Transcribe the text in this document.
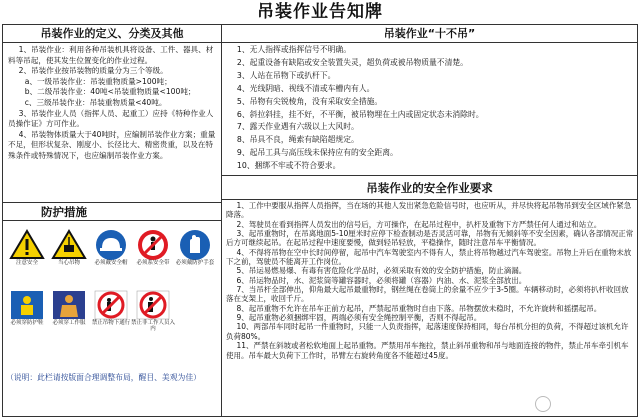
吊装作业告知牌
吊装作业的定义、分类及其他

1、吊装作业：利用各种吊装机具将设备、工件、器具、材料等吊起，使其发生位置变化的作业过程。

2、吊装作业按吊装物的质量分为三个等级。

a、一级吊装作业：吊装重物质量>100吨；

b、二级吊装作业：40吨<吊装重物质量<100吨；

c、三级吊装作业：吊装重物质量<40吨。

3、吊装作业人员（指挥人员、起重工）应持《特种作业人员操作证》方可作业。

4、吊装物体质量大于40吨时，应编制吊装作业方案；重量不足，但形状复杂、刚度小、长径比大、精密贵重，以及在特殊条件或特殊情况下，也应编制吊装作业方案。

防护措施
注意安全	当心吊物	必须戴安全帽	必须系安全带	必须戴防护手套
必须穿防护鞋	必须穿工作服	禁止吊物下通行 禁止非工作人员入内
（说明：此栏请按版面合理调整布局，醒目、美观为佳）
吊装作业“十不吊”

1、无人指挥或指挥信号不明确。

2、起重设备有缺陷或安全装置失灵，超负荷或被吊物质量不清楚。

3、人站在吊物下或扒杆下。

4、光线阴暗、视线不清或车槽内有人。

5、吊物有尖锐棱角，没有采取安全措施。

6、斜拉斜挂，挂不好，不平衡，被吊物埋在土内或固定状态未消除时。

7、露天作业遇有六级以上大风时。

8、吊具不良，绳索有缺陷超规定。

9、起吊工具与高压线未保持应有的安全距离。

10、捆绑不牢或不符合要求。

吊装作业的安全作业要求

1、工作中要服从指挥人员指挥，当在场的其他人发出紧急危险信号时，也应听从，并尽快将起吊物吊到安全区域作紧急降落。

2、驾驶员在看到指挥人员发出的信号后，方可操作，在起吊过程中，扒杆及重物下方严禁任何人通过和站立。

3、起吊重物时，在吊离地面5-10厘米时应停下检查制动是否灵活可靠，吊物有无倾斜等不安全因素，确认各部情况正常后方可继续起吊。在起吊过程中速度要慢，做到轻吊轻放，平稳操作，随时注意吊车平衡情况。

4、不得将吊物在空中长时间停留，起吊中汽车驾驶室内不得有人，禁止将吊物越过汽车驾驶室。吊物上升后在重物未放下之前，驾驶员不能离开工作岗位。

5、吊运易燃易爆、有毒有害危险化学品时，必须采取有效的安全防护措施，防止滴漏。

6、吊运物品时，水、泥浆筒等罐容器时，必须将罐（容器）内油、水、泥浆全部放出。

7、当吊杆全部伸出，仰角最大起吊最重物时，钢丝绳在卷筒上的余量不应少于3-5圈。车辆移动时，必须将扒杆收回放落在支架上，收回千斤。

8、起吊重物不允许在吊车正前方起吊，严禁起吊重物时自由下落。吊物摆放未稳时，不允许旋转和摇摆起吊。

9、起吊重物必须捆绑牢固，两端必须有安全绳控制平衡，否则不得起吊。

10、两部吊车同时起吊一件重物时，只能一人负责指挥，起落速度保持相同，每台吊机分担的负荷，不得超过该机允许负荷80%。

11、严禁在斜坡或者松软地面上起吊重物。严禁用吊车拖拉，禁止斜吊重物和吊与地面连接的物件，禁止吊车牵引机车使用。吊车最大负荷下工作时，吊臂左右旋转角度各不能超过45度。
